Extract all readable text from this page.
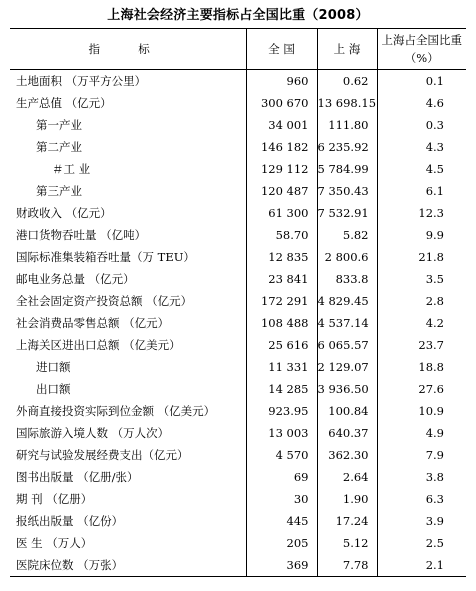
上海社会经济主要指标占全国比重（2008）
指 标	全 国	上 海	上海占全国比重
（%）

土地面积 （万平方公里）	960	0.62	0.1
生产总值 （亿元）	300 670	13 698.15	4.6
第一产业	34 001	111.80	0.3
第二产业	146 182	6 235.92	4.3
＃工 业	129 112	5 784.99	4.5
第三产业	120 487	7 350.43	6.1
财政收入 （亿元）	61 300	7 532.91	12.3
港口货物吞吐量 （亿吨）	58.70	5.82	9.9
国际标准集装箱吞吐量（万 TEU）	12 835	2 800.6	21.8
邮电业务总量 （亿元）	23 841	833.8	3.5
全社会固定资产投资总额 （亿元）	172 291	4 829.45	2.8
社会消费品零售总额 （亿元）	108 488	4 537.14	4.2
上海关区进出口总额 （亿美元）	25 616	6 065.57	23.7
进口额	11 331	2 129.07	18.8
出口额	14 285	3 936.50	27.6
外商直接投资实际到位金额 （亿美元）	923.95	100.84	10.9
国际旅游入境人数 （万人次）	13 003	640.37	4.9
研究与试验发展经费支出（亿元）	4 570	362.30	7.9
图书出版量 （亿册/张）	69	2.64	3.8
期 刊 （亿册）	30	1.90	6.3
报纸出版量 （亿份）	445	17.24	3.9
医 生 （万人）	205	5.12	2.5
医院床位数 （万张）	369	7.78	2.1
